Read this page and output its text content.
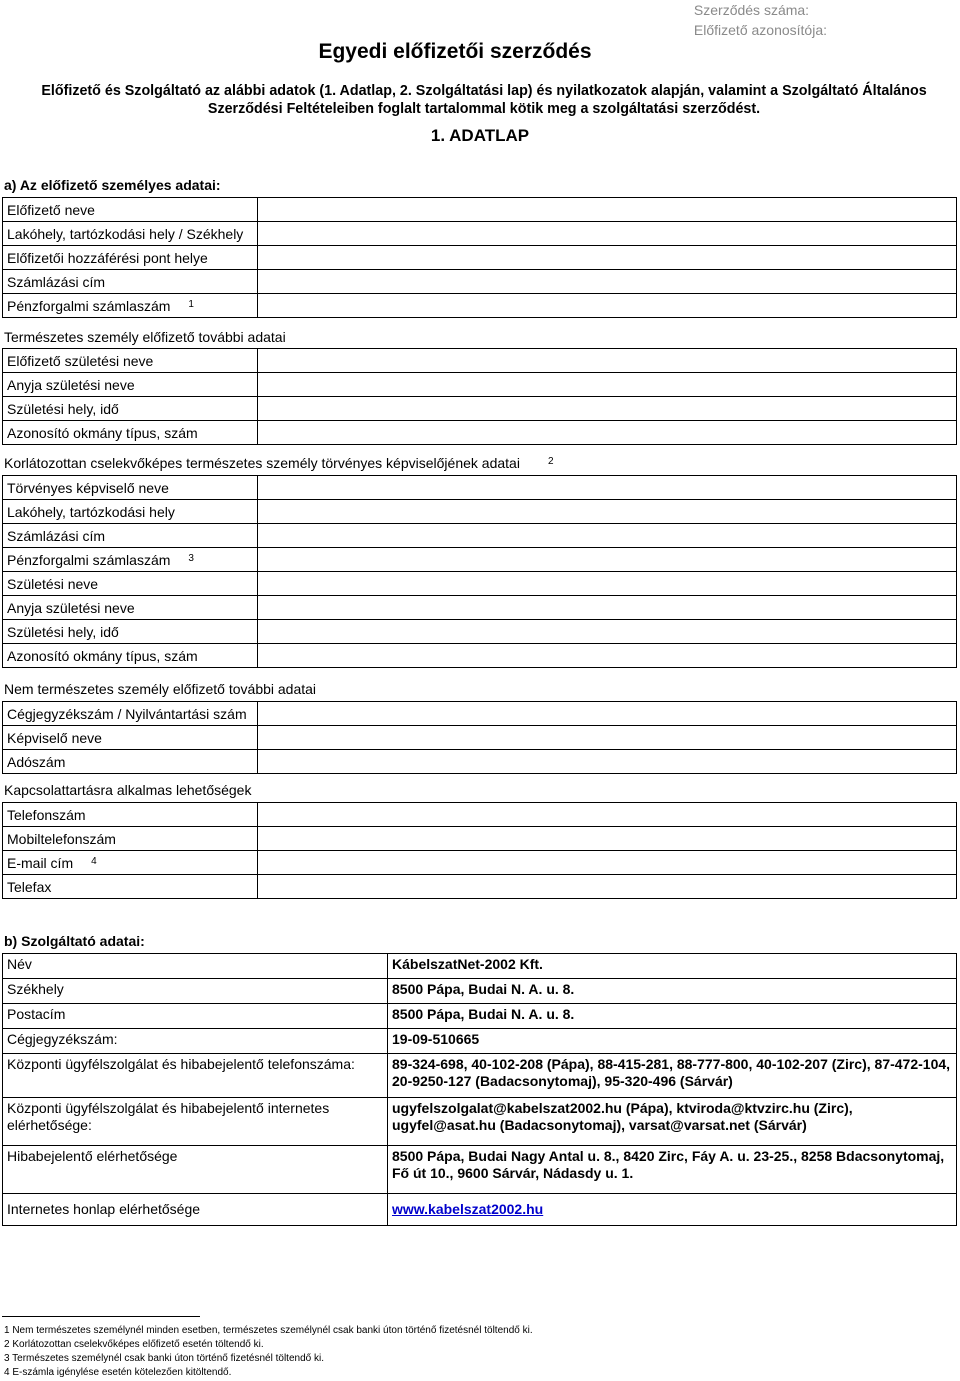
Szerződés száma:
Előfizető azonosítója:
Egyedi előfizetői szerződés
Előfizető és Szolgáltató az alábbi adatok (1. Adatlap, 2. Szolgáltatási lap) és nyilatkozatok alapján, valamint a Szolgáltató Általános Szerződési Feltételeiben foglalt tartalommal kötik meg a szolgáltatási szerződést.
1. ADATLAP
a) Az előfizető személyes adatai:
Előfizető neve	
Lakóhely, tartózkodási hely / Székhely	
Előfizetői hozzáférési pont helye	
Számlázási cím	
Pénzforgalmi számlaszám $^1$	
Természetes személy előfizető további adatai
Előfizető születési neve	
Anyja születési neve	
Születési hely, idő	
Azonosító okmány típus, szám	
Korlátozottan cselekvőképes természetes személy törvényes képviselőjének adatai	$^2$
Törvényes képviselő neve	
Lakóhely, tartózkodási hely	
Számlázási cím	
Pénzforgalmi számlaszám $^3$	
Születési neve	
Anyja születési neve	
Születési hely, idő	
Azonosító okmány típus, szám	
Nem természetes személy előfizető további adatai
Cégjegyzékszám / Nyilvántartási szám	
Képviselő neve	
Adószám	
Kapcsolattartásra alkalmas lehetőségek
Telefonszám	
Mobiltelefonszám	
E-mail cím $^4$	
Telefax	
b) Szolgáltató adatai:
Név	KábelszatNet-2002 Kft.
Székhely	8500 Pápa, Budai N. A. u. 8.
Postacím	8500 Pápa, Budai N. A. u. 8.
Cégjegyzékszám:	19-09-510665
Központi ügyfélszolgálat és hibabejelentő telefonszáma:	89-324-698, 40-102-208 (Pápa), 88-415-281, 88-777-800, 40-102-207 (Zirc), 87-472-104, 20-9250-127 (Badacsonytomaj), 95-320-496 (Sárvár)
Központi ügyfélszolgálat és hibabejelentő internetes elérhetősége:	ugyfelszolgalat@kabelszat2002.hu (Pápa), ktviroda@ktvzirc.hu (Zirc), ugyfel@asat.hu (Badacsonytomaj), varsat@varsat.net (Sárvár)
Hibabejelentő elérhetősége	8500 Pápa, Budai Nagy Antal u. 8., 8420 Zirc, Fáy A. u. 23-25., 8258 Bdacsonytomaj, Fő út 10., 9600 Sárvár, Nádasdy u. 1.
Internetes honlap elérhetősége	www.kabelszat2002.hu
1 Nem természetes személynél minden esetben, természetes személynél csak banki úton történő fizetésnél töltendő ki.
2 Korlátozottan cselekvőképes előfizető esetén töltendő ki.
3 Természetes személynél csak banki úton történő fizetésnél töltendő ki.
4 E-számla igénylése esetén kötelezően kitöltendő.
